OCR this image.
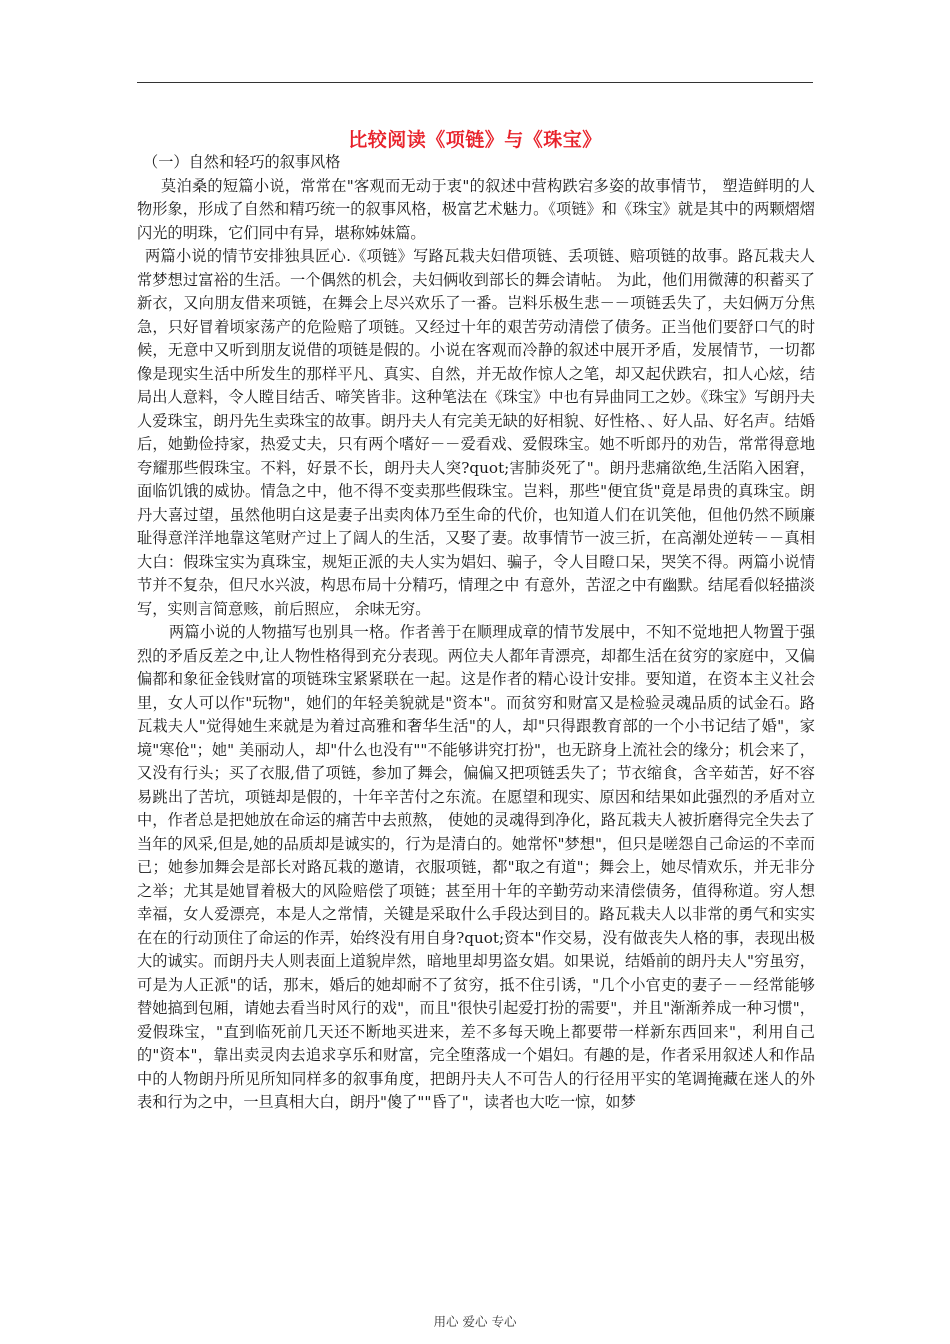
比较阅读《项链》与《珠宝》

（一）自然和轻巧的叙事风格

莫泊桑的短篇小说，常常在"客观而无动于衷"的叙述中营构跌宕多姿的故事情节， 塑造鲜明的人物形象，形成了自然和精巧统一的叙事风格，极富艺术魅力。《项链》和《珠宝》就是其中的两颗熠熠闪光的明珠，它们同中有异，堪称姊妹篇。

两篇小说的情节安排独具匠心.《项链》写路瓦栽夫妇借项链、丢项链、赔项链的故事。路瓦栽夫人常梦想过富裕的生活。一个偶然的机会，夫妇俩收到部长的舞会请帖。 为此，他们用微薄的积蓄买了新衣，又向朋友借来项链，在舞会上尽兴欢乐了一番。岂料乐极生悲－－项链丢失了，夫妇俩万分焦急，只好冒着顷家荡产的危险赔了项链。又经过十年的艰苦劳动清偿了债务。正当他们要舒口气的时候，无意中又听到朋友说借的项链是假的。小说在客观而冷静的叙述中展开矛盾，发展情节，一切都像是现实生活中所发生的那样平凡、真实、自然，并无故作惊人之笔，却又起伏跌宕，扣人心炫，结局出人意料，令人瞠目结舌、啼笑皆非。这种笔法在《珠宝》中也有异曲同工之妙。《珠宝》写朗丹夫人爱珠宝，朗丹先生卖珠宝的故事。朗丹夫人有完美无缺的好相貌、好性格、、好人品、好名声。结婚后，她勤俭持家，热爱丈夫，只有两个嗜好－－爱看戏、爱假珠宝。她不听郎丹的劝告，常常得意地夸耀那些假珠宝。不料，好景不长，朗丹夫人突?quot;害肺炎死了"。朗丹悲痛欲绝,生活陷入困窘，面临饥饿的威协。情急之中，他不得不变卖那些假珠宝。岂料，那些"便宜货"竟是昂贵的真珠宝。朗丹大喜过望，虽然他明白这是妻子出卖肉体乃至生命的代价，也知道人们在讥笑他，但他仍然不顾廉耻得意洋洋地靠这笔财产过上了阔人的生活，又娶了妻。故事情节一波三折，在高潮处逆转－－真相大白：假珠宝实为真珠宝，规矩正派的夫人实为娼妇、骗子，令人目瞪口呆，哭笑不得。两篇小说情节并不复杂，但尺水兴波，构思布局十分精巧，情理之中 有意外，苦涩之中有幽默。结尾看似轻描淡写，实则言简意赅，前后照应， 余味无穷。

两篇小说的人物描写也别具一格。作者善于在顺理成章的情节发展中，不知不觉地把人物置于强烈的矛盾反差之中,让人物性格得到充分表现。两位夫人都年青漂亮，却都生活在贫穷的家庭中，又偏偏都和象征金钱财富的项链珠宝紧紧联在一起。这是作者的精心设计安排。要知道，在资本主义社会里，女人可以作"玩物"，她们的年轻美貌就是"资本"。而贫穷和财富又是检验灵魂品质的试金石。路瓦栽夫人"觉得她生来就是为着过高雅和奢华生活"的人，却"只得跟教育部的一个小书记结了婚"，家境"寒伧"；她" 美丽动人，却"什么也没有""不能够讲究打扮"，也无跻身上流社会的缘分；机会来了，又没有行头；买了衣服,借了项链，参加了舞会，偏偏又把项链丢失了；节衣缩食，含辛茹苦，好不容易跳出了苦坑，项链却是假的，十年辛苦付之东流。在愿望和现实、原因和结果如此强烈的矛盾对立中，作者总是把她放在命运的痛苦中去煎熬， 使她的灵魂得到净化，路瓦栽夫人被折磨得完全失去了当年的风采,但是,她的品质却是诚实的，行为是清白的。她常怀"梦想"，但只是嗟怨自己命运的不幸而已；她参加舞会是部长对路瓦栽的邀请，衣服项链，都"取之有道"；舞会上，她尽情欢乐，并无非分之举；尤其是她冒着极大的风险赔偿了项链；甚至用十年的辛勤劳动来清偿债务，值得称道。穷人想幸福，女人爱漂亮，本是人之常情，关键是采取什么手段达到目的。路瓦栽夫人以非常的勇气和实实在在的行动顶住了命运的作弄，始终没有用自身?quot;资本"作交易，没有做丧失人格的事，表现出极大的诚实。而朗丹夫人则表面上道貌岸然，暗地里却男盗女娼。如果说，结婚前的朗丹夫人"穷虽穷，可是为人正派"的话，那末，婚后的她却耐不了贫穷，抵不住引诱，"几个小官吏的妻子－－经常能够替她搞到包厢，请她去看当时风行的戏"，而且"很快引起爱打扮的需要"，并且"渐渐养成一种习惯"，爱假珠宝，"直到临死前几天还不断地买进来，差不多每天晚上都要带一样新东西回来"，利用自己的"资本"，靠出卖灵肉去追求享乐和财富，完全堕落成一个娼妇。有趣的是，作者采用叙述人和作品中的人物朗丹所见所知同样多的叙事角度，把朗丹夫人不可告人的行径用平实的笔调掩藏在迷人的外表和行为之中，一旦真相大白，朗丹"傻了""昏了"，读者也大吃一惊，如梦

用心 爱心 专心
